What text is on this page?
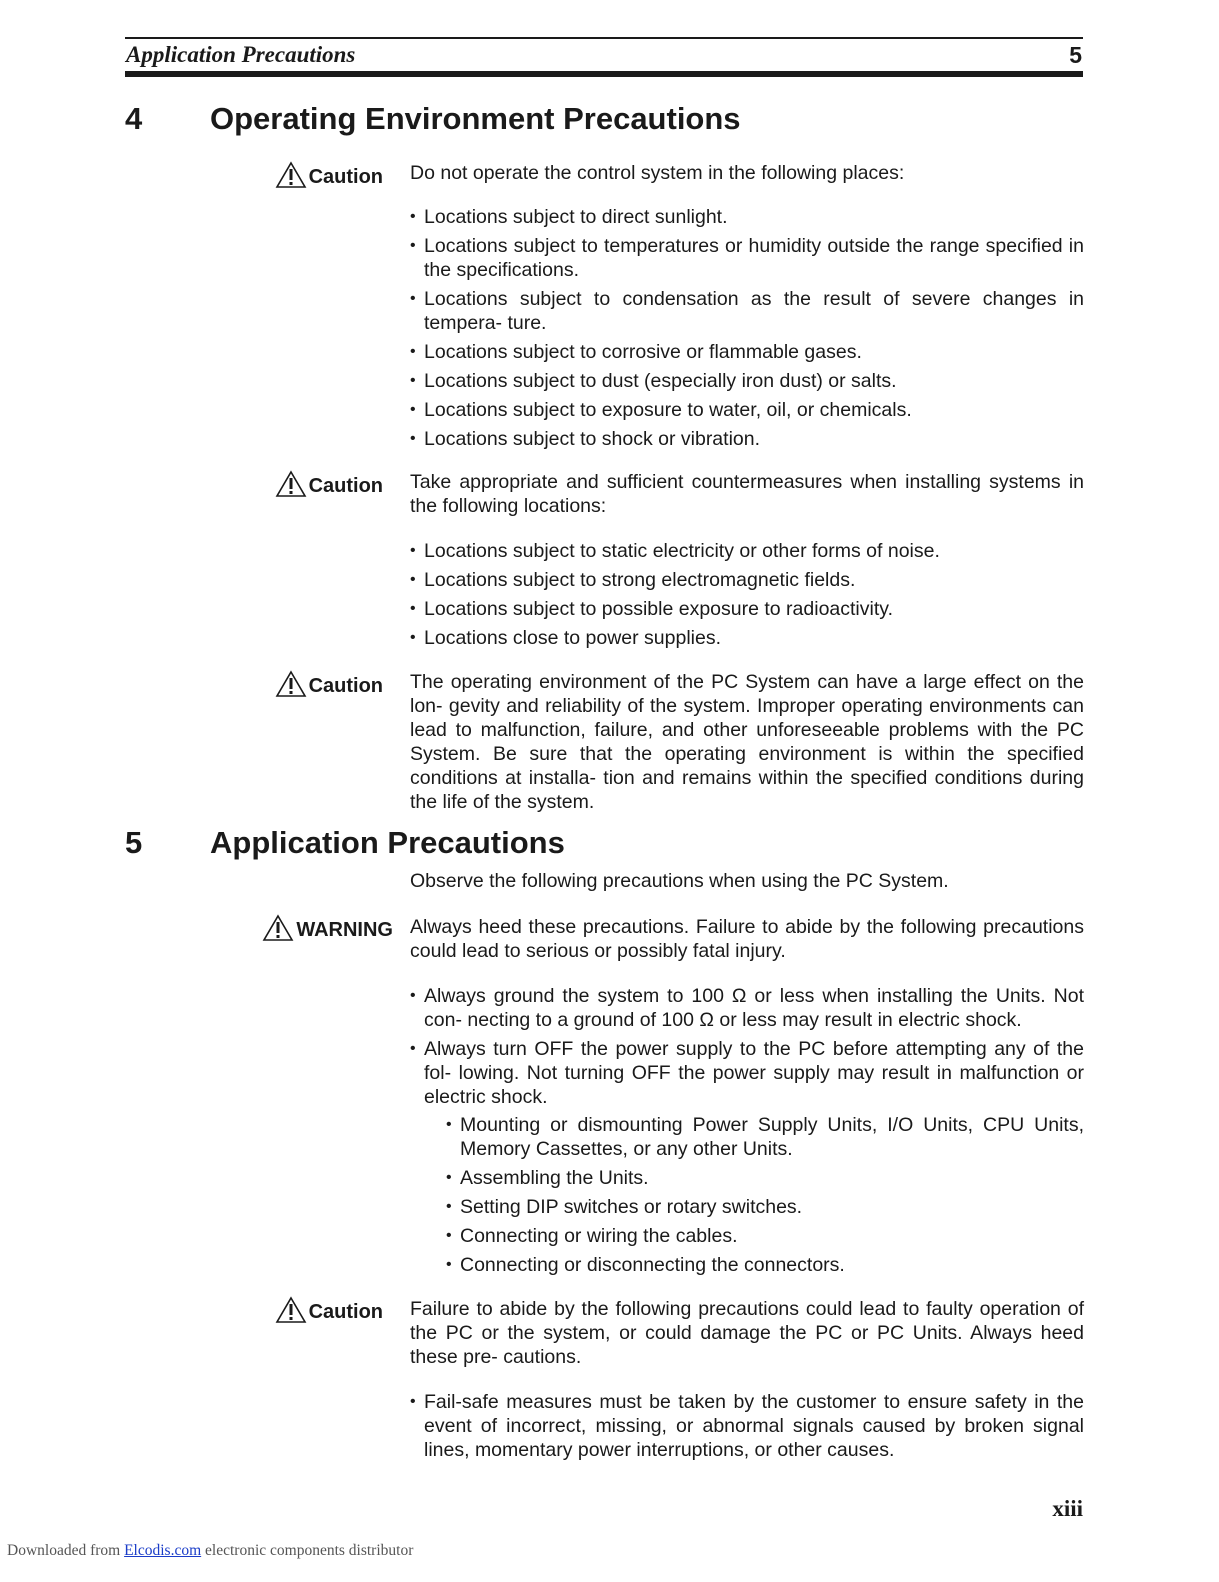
Application Precautions	5
4 Operating Environment Precautions
Caution Do not operate the control system in the following places:
• Locations subject to direct sunlight.
• Locations subject to temperatures or humidity outside the range specified in the specifications.
• Locations subject to condensation as the result of severe changes in tempera- ture.
• Locations subject to corrosive or flammable gases.
• Locations subject to dust (especially iron dust) or salts.
• Locations subject to exposure to water, oil, or chemicals.
• Locations subject to shock or vibration.
Caution Take appropriate and sufficient countermeasures when installing systems in the following locations:
• Locations subject to static electricity or other forms of noise.
• Locations subject to strong electromagnetic fields.
• Locations subject to possible exposure to radioactivity.
• Locations close to power supplies.
Caution The operating environment of the PC System can have a large effect on the lon- gevity and reliability of the system. Improper operating environments can lead to malfunction, failure, and other unforeseeable problems with the PC System. Be sure that the operating environment is within the specified conditions at installa- tion and remains within the specified conditions during the life of the system.
5 Application Precautions
Observe the following precautions when using the PC System.
WARNING Always heed these precautions. Failure to abide by the following precautions could lead to serious or possibly fatal injury.
• Always ground the system to 100 Ω or less when installing the Units. Not con- necting to a ground of 100 Ω or less may result in electric shock.
• Always turn OFF the power supply to the PC before attempting any of the fol- lowing. Not turning OFF the power supply may result in malfunction or electric shock.
• Mounting or dismounting Power Supply Units, I/O Units, CPU Units, Memory Cassettes, or any other Units.
• Assembling the Units.
• Setting DIP switches or rotary switches.
• Connecting or wiring the cables.
• Connecting or disconnecting the connectors.
Caution Failure to abide by the following precautions could lead to faulty operation of the PC or the system, or could damage the PC or PC Units. Always heed these pre- cautions.
• Fail-safe measures must be taken by the customer to ensure safety in the event of incorrect, missing, or abnormal signals caused by broken signal lines, momentary power interruptions, or other causes.
xiii
Downloaded from Elcodis.com electronic components distributor
